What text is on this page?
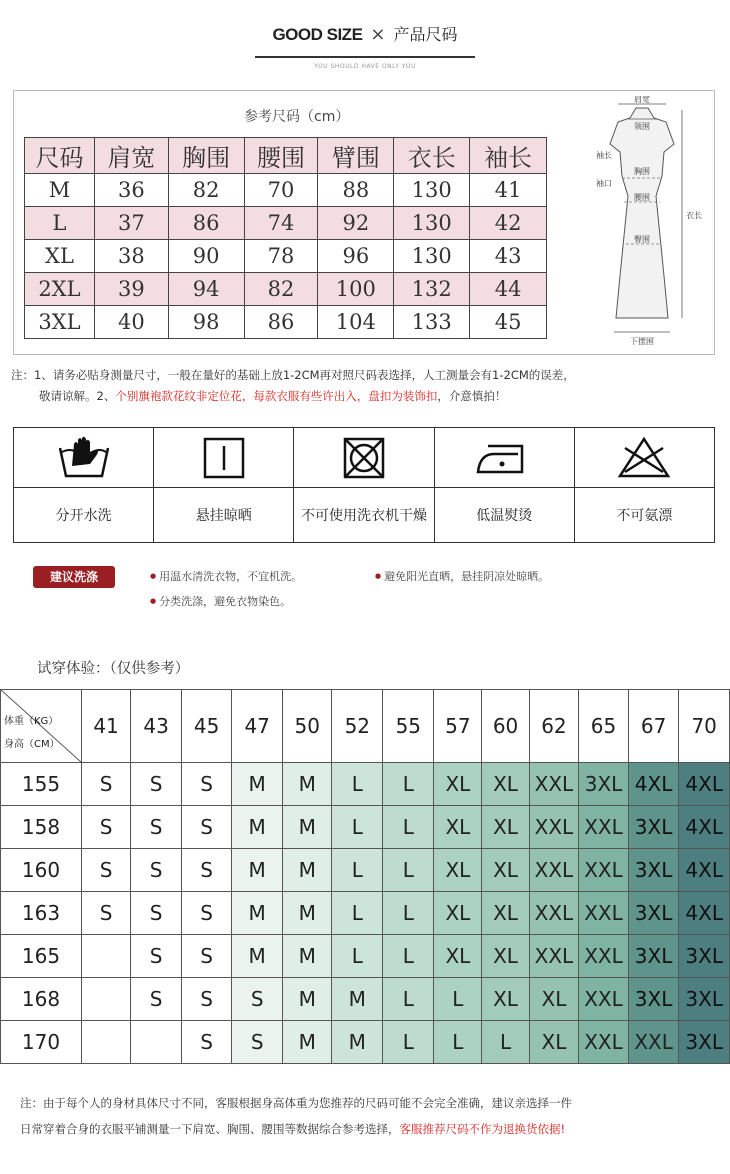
GOOD SIZE × 产品尺码
YOU SHOULD HAVE ONLY YOU
参考尺码（cm）
尺码	肩宽	胸围	腰围	臂围	衣长	袖长
M	36	82	70	88	130	41
L	37	86	74	92	130	42
XL	38	90	78	96	130	43
2XL	39	94	82	100	132	44
3XL	40	98	86	104	133	45
肩宽
领围
袖长
胸围
袖口
腰围
臀围
衣长
下摆围
注：1、请务必贴身测量尺寸，一般在量好的基础上放1-2CM再对照尺码表选择，人工测量会有1-2CM的误差，
敬请谅解。2、个别旗袍款花纹非定位花，每款衣服有些许出入，盘扣为装饰扣，介意慎拍！
分开水洗	悬挂晾晒	不可使用洗衣机干燥	低温熨烫	不可氨漂
建议洗涤	● 用温水清洗衣物，不宜机洗。	● 避免阳光直晒，悬挂阴凉处晾晒。
● 分类洗涤，避免衣物染色。
试穿体验：（仅供参考）
体重（KG）
身高（CM）	41	43	45	47	50	52	55	57	60	62	65	67	70
155	S	S	S	M	M	L	L	XL	XL	XXL	3XL	4XL	4XL
158	S	S	S	M	M	L	L	XL	XL	XXL	XXL	3XL	4XL
160	S	S	S	M	M	L	L	XL	XL	XXL	XXL	3XL	4XL
163	S	S	S	M	M	L	L	XL	XL	XXL	XXL	3XL	4XL
165		S	S	M	M	L	L	XL	XL	XXL	XXL	3XL	3XL
168		S	S	S	M	M	L	L	XL	XL	XXL	3XL	3XL
170			S	S	M	M	L	L	L	XL	XXL	XXL	3XL
注：由于每个人的身材具体尺寸不同，客服根据身高体重为您推荐的尺码可能不会完全准确，建议亲选择一件
日常穿着合身的衣服平铺测量一下肩宽、胸围、腰围等数据综合参考选择，客服推荐尺码不作为退换货依据!
